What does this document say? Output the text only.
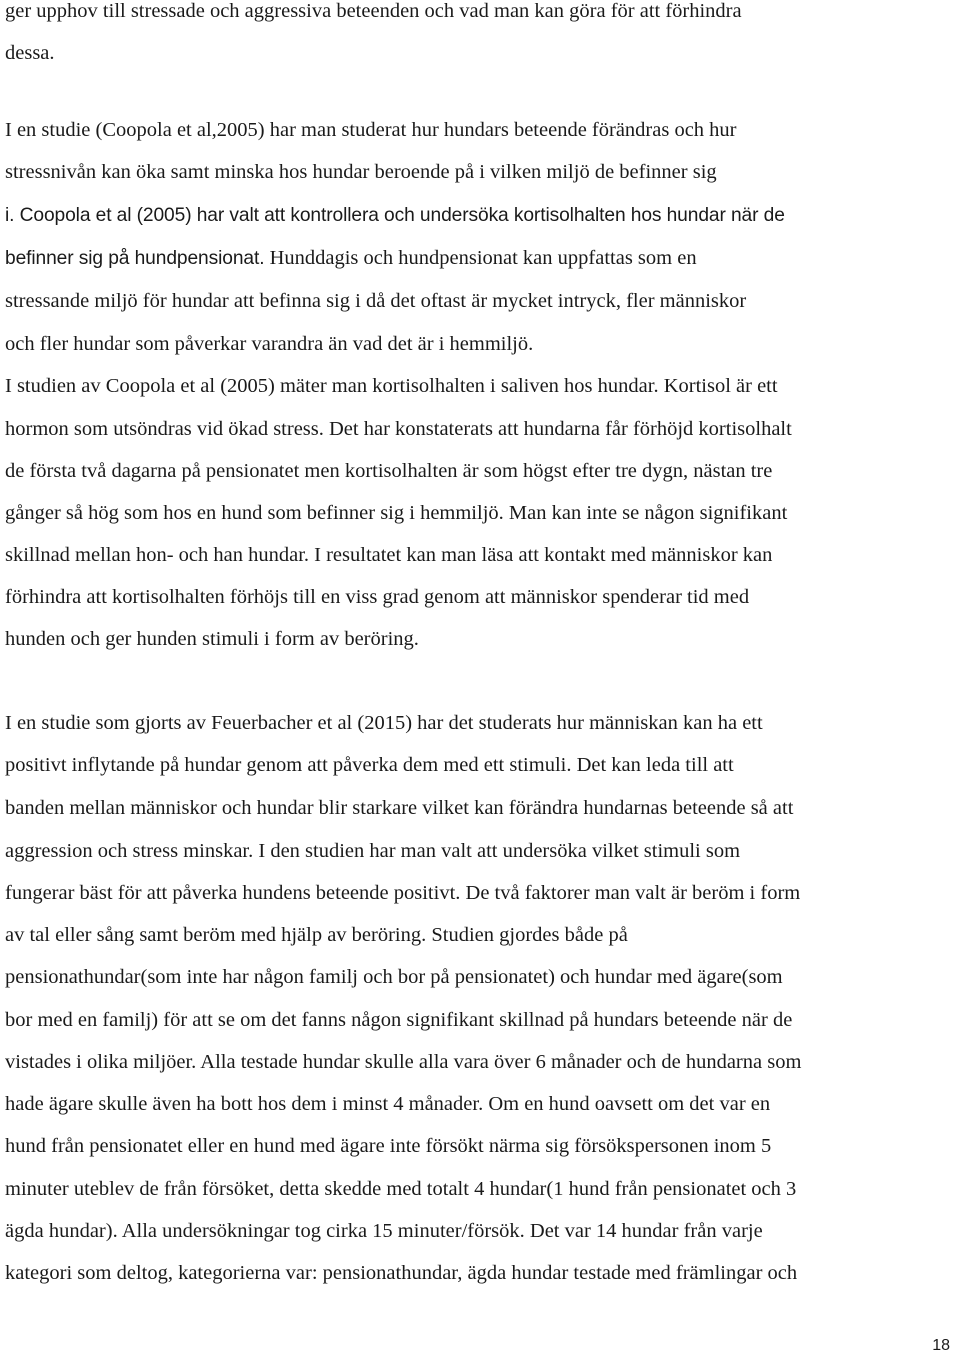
ger upphov till stressade och aggressiva beteenden och vad man kan göra för att förhindra
dessa.
I en studie (Coopola et al,2005) har man studerat hur hundars beteende förändras och hur
stressnivån kan öka samt minska hos hundar beroende på i vilken miljö de befinner sig
i. Coopola et al (2005) har valt att kontrollera och undersöka kortisolhalten hos hundar när de
befinner sig på hundpensionat. Hunddagis och hundpensionat kan uppfattas som en
stressande miljö för hundar att befinna sig i då det oftast är mycket intryck, fler människor
och fler hundar som påverkar varandra än vad det är i hemmiljö.
I studien av Coopola et al (2005) mäter man kortisolhalten i saliven hos hundar. Kortisol är ett
hormon som utsöndras vid ökad stress. Det har konstaterats att hundarna får förhöjd kortisolhalt
de första två dagarna på pensionatet men kortisolhalten är som högst efter tre dygn, nästan tre
gånger så hög som hos en hund som befinner sig i hemmiljö. Man kan inte se någon signifikant
skillnad mellan hon- och han hundar. I resultatet kan man läsa att kontakt med människor kan
förhindra att kortisolhalten förhöjs till en viss grad genom att människor spenderar tid med
hunden och ger hunden stimuli i form av beröring.
I en studie som gjorts av Feuerbacher et al (2015) har det studerats hur människan kan ha ett
positivt inflytande på hundar genom att påverka dem med ett stimuli. Det kan leda till att
banden mellan människor och hundar blir starkare vilket kan förändra hundarnas beteende så att
aggression och stress minskar. I den studien har man valt att undersöka vilket stimuli som
fungerar bäst för att påverka hundens beteende positivt. De två faktorer man valt är beröm i form
av tal eller sång samt beröm med hjälp av beröring. Studien gjordes både på
pensionathundar(som inte har någon familj och bor på pensionatet) och hundar med ägare(som
bor med en familj) för att se om det fanns någon signifikant skillnad på hundars beteende när de
vistades i olika miljöer. Alla testade hundar skulle alla vara över 6 månader och de hundarna som
hade ägare skulle även ha bott hos dem i minst 4 månader. Om en hund oavsett om det var en
hund från pensionatet eller en hund med ägare inte försökt närma sig försökspersonen inom 5
minuter uteblev de från försöket, detta skedde med totalt 4 hundar(1 hund från pensionatet och 3
ägda hundar). Alla undersökningar tog cirka 15 minuter/försök. Det var 14 hundar från varje
kategori som deltog, kategorierna var: pensionathundar, ägda hundar testade med främlingar och
18
